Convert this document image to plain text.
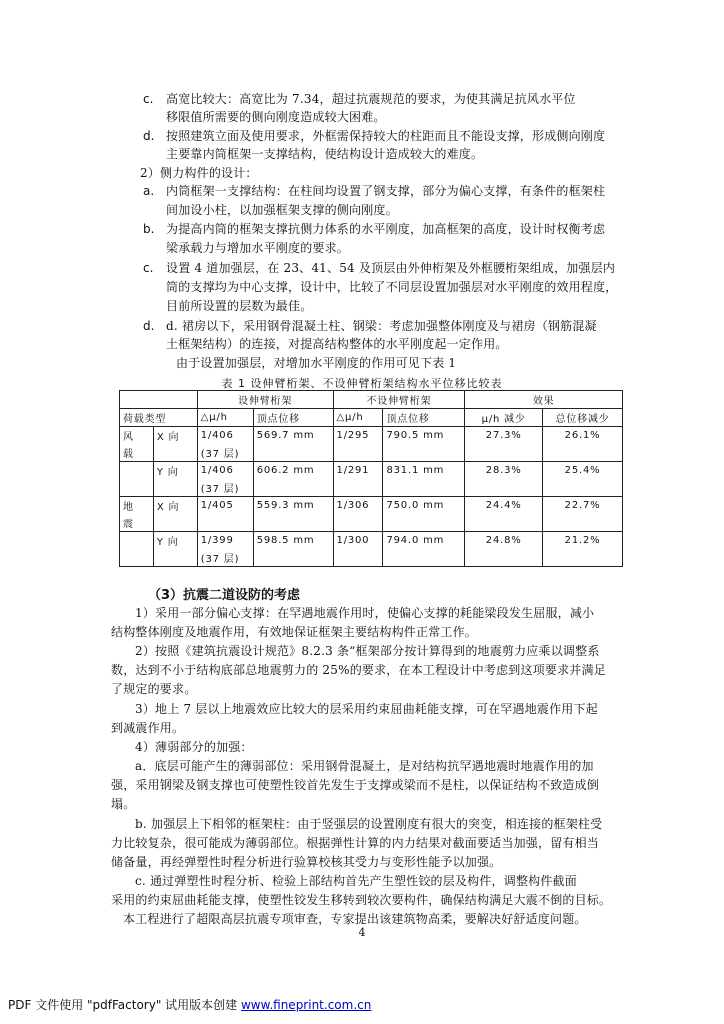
c. 高宽比较大：高宽比为 7.34，超过抗震规范的要求，为使其满足抗风水平位
移限值所需要的侧向刚度造成较大困难。
d. 按照建筑立面及使用要求，外框需保持较大的柱距而且不能设支撑，形成侧向刚度
主要靠内筒框架一支撑结构，使结构设计造成较大的难度。
2）侧力构件的设计：
a. 内筒框架一支撑结构：在柱间均设置了钢支撑，部分为偏心支撑，有条件的框架柱
间加设小柱，以加强框架支撑的侧向刚度。
b. 为提高内筒的框架支撑抗侧力体系的水平刚度，加高框架的高度，设计时权衡考虑
梁承载力与增加水平刚度的要求。
c. 设置 4 道加强层，在 23、41、54 及顶层由外伸桁架及外框腰桁架组成，加强层内
筒的支撑均为中心支撑，设计中，比较了不同层设置加强层对水平刚度的效用程度，
目前所设置的层数为最佳。
d. d. 裙房以下，采用钢骨混凝土柱、钢梁：考虑加强整体刚度及与裙房（钢筋混凝
土框架结构）的连接，对提高结构整体的水平刚度起一定作用。
由于设置加强层，对增加水平刚度的作用可见下表 1
表 1 设伸臂桁架、不设伸臂桁架结构水平位移比较表
		设伸臂桁架		不设伸臂桁架		效果	
荷载类型		△μ/h	顶点位移	△μ/h	顶点位移	μ/h 减少	总位移减少
风	X 向	1/406	569.7 mm	1/295	790.5 mm	27.3%	26.1%
载		(37 层)					
	Y 向	1/406	606.2 mm	1/291	831.1 mm	28.3%	25.4%
		(37 层)					
地	X 向	1/405	559.3 mm	1/306	750.0 mm	24.4%	22.7%
震							
	Y 向	1/399	598.5 mm	1/300	794.0 mm	24.8%	21.2%
		(37 层)					
（3）抗震二道设防的考虑
1）采用一部分偏心支撑：在罕遇地震作用时，使偏心支撑的耗能梁段发生屈服，减小
结构整体刚度及地震作用，有效地保证框架主要结构构件正常工作。
2）按照《建筑抗震设计规范》8.2.3 条“框架部分按计算得到的地震剪力应乘以调整系
数，达到不小于结构底部总地震剪力的 25%的要求，在本工程设计中考虑到这项要求并满足
了规定的要求。
3）地上 7 层以上地震效应比较大的层采用约束屈曲耗能支撑，可在罕遇地震作用下起
到减震作用。
4）薄弱部分的加强：
a．底层可能产生的薄弱部位：采用钢骨混凝土，是对结构抗罕遇地震时地震作用的加
强，采用钢梁及钢支撑也可使塑性铰首先发生于支撑或梁而不是柱，以保证结构不致造成倒
塌。
b. 加强层上下相邻的框架柱：由于竖强层的设置刚度有很大的突变，相连接的框架柱受
力比较复杂，很可能成为薄弱部位。根据弹性计算的内力结果对截面要适当加强，留有相当
储备量，再经弹塑性时程分析进行验算校核其受力与变形性能予以加强。
c. 通过弹塑性时程分析、检验上部结构首先产生塑性铰的层及构件，调整构件截面
采用的约束屈曲耗能支撑，使塑性铰发生移转到较次要构件，确保结构满足大震不倒的目标。
本工程进行了超限高层抗震专项审查，专家提出该建筑物高柔，要解决好舒适度问题。
4
PDF 文件使用 "pdfFactory" 试用版本创建 www.fineprint.com.cn
